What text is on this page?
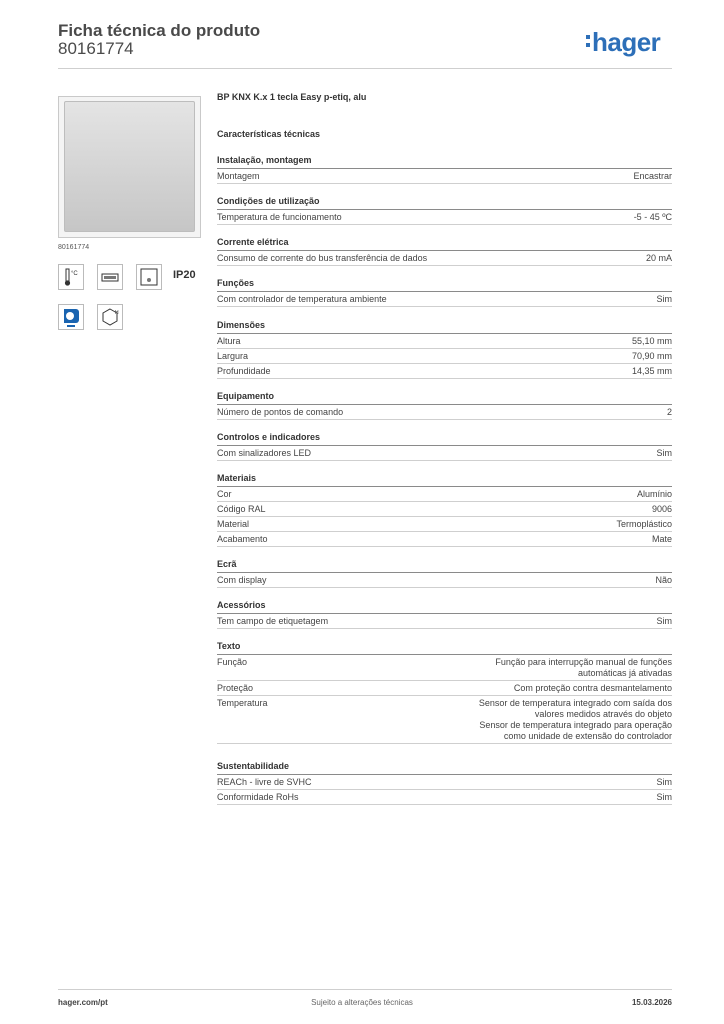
Ficha técnica do produto
80161774	hager
80161774
°C	IP20
H
BP KNX K.x 1 tecla Easy p-etiq, alu
Características técnicas
Instalação, montagem
Montagem	Encastrar
Condições de utilização
Temperatura de funcionamento	-5 - 45 ºC
Corrente elétrica
Consumo de corrente do bus transferência de dados	20 mA
Funções
Com controlador de temperatura ambiente	Sim
Dimensões
Altura	55,10 mm
Largura	70,90 mm
Profundidade	14,35 mm
Equipamento
Número de pontos de comando	2
Controlos e indicadores
Com sinalizadores LED	Sim
Materiais
Cor	Alumínio
Código RAL	9006
Material	Termoplástico
Acabamento	Mate
Ecrã
Com display	Não
Acessórios
Tem campo de etiquetagem	Sim
Texto
Função	Função para interrupção manual de funções
automáticas já ativadas
Proteção	Com proteção contra desmantelamento
Temperatura	Sensor de temperatura integrado com saída dos
valores medidos através do objeto
Sensor de temperatura integrado para operação
como unidade de extensão do controlador
Sustentabilidade
REACh - livre de SVHC	Sim
Conformidade RoHs	Sim
hager.com/pt	Sujeito a alterações técnicas	15.03.2026
